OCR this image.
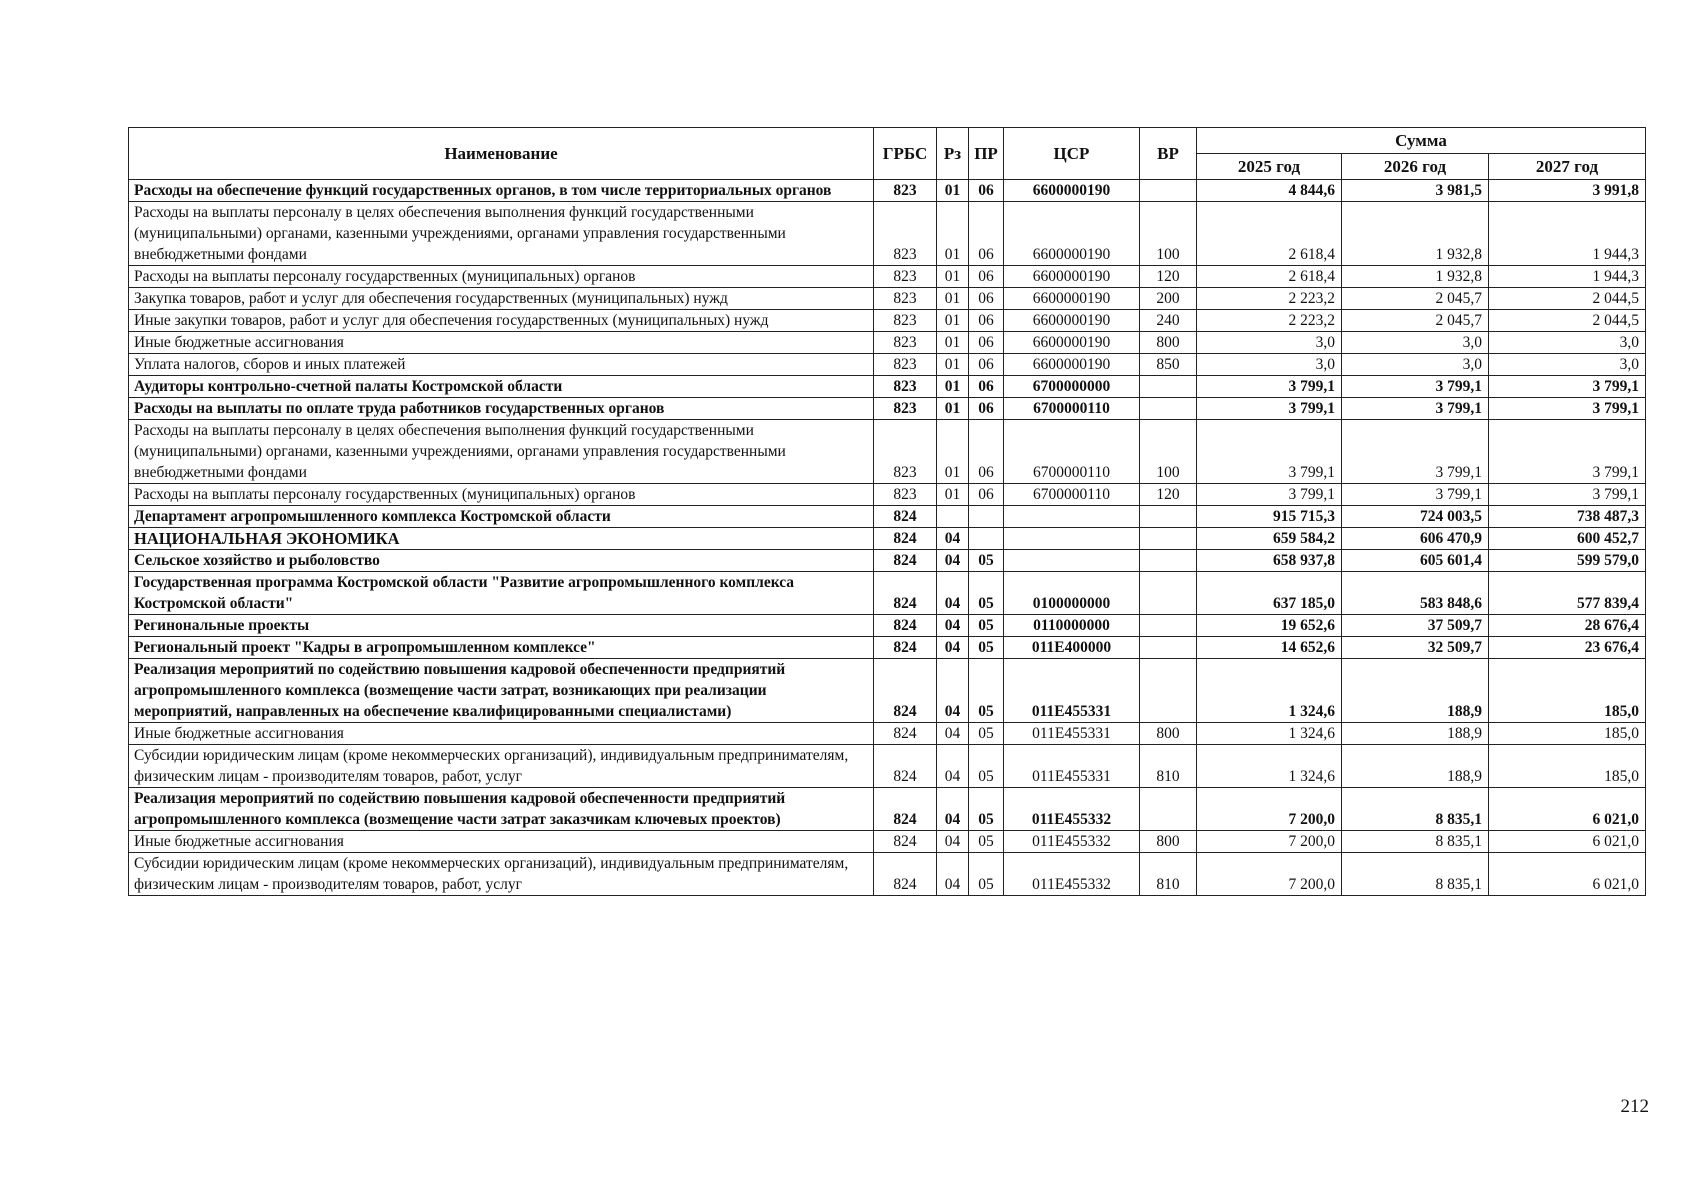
Наименование	ГРБС	Рз	ПР	ЦСР	ВР	Сумма		
						2025 год	2026 год	2027 год
Расходы на обеспечение функций государственных органов, в том числе территориальных органов	823	01	06	6600000190		4 844,6	3 981,5	3 991,8
Расходы на выплаты персоналу в целях обеспечения выполнения функций государственными (муниципальными) органами, казенными учреждениями, органами управления государственными внебюджетными фондами	823	01	06	6600000190	100	2 618,4	1 932,8	1 944,3
Расходы на выплаты персоналу государственных (муниципальных) органов	823	01	06	6600000190	120	2 618,4	1 932,8	1 944,3
Закупка товаров, работ и услуг для обеспечения государственных (муниципальных) нужд	823	01	06	6600000190	200	2 223,2	2 045,7	2 044,5
Иные закупки товаров, работ и услуг для обеспечения государственных (муниципальных) нужд	823	01	06	6600000190	240	2 223,2	2 045,7	2 044,5
Иные бюджетные ассигнования	823	01	06	6600000190	800	3,0	3,0	3,0
Уплата налогов, сборов и иных платежей	823	01	06	6600000190	850	3,0	3,0	3,0
Аудиторы контрольно-счетной палаты Костромской области	823	01	06	6700000000		3 799,1	3 799,1	3 799,1
Расходы на выплаты по оплате труда работников государственных органов	823	01	06	6700000110		3 799,1	3 799,1	3 799,1
Расходы на выплаты персоналу в целях обеспечения выполнения функций государственными (муниципальными) органами, казенными учреждениями, органами управления государственными внебюджетными фондами	823	01	06	6700000110	100	3 799,1	3 799,1	3 799,1
Расходы на выплаты персоналу государственных (муниципальных) органов	823	01	06	6700000110	120	3 799,1	3 799,1	3 799,1
Департамент агропромышленного комплекса Костромской области	824					915 715,3	724 003,5	738 487,3
НАЦИОНАЛЬНАЯ ЭКОНОМИКА	824	04				659 584,2	606 470,9	600 452,7
Сельское хозяйство и рыболовство	824	04	05			658 937,8	605 601,4	599 579,0
Государственная программа Костромской области "Развитие агропромышленного комплекса Костромской области"	824	04	05	0100000000		637 185,0	583 848,6	577 839,4
Регинональные проекты	824	04	05	0110000000		19 652,6	37 509,7	28 676,4
Региональный проект "Кадры в агропромышленном комплексе"	824	04	05	011Е400000		14 652,6	32 509,7	23 676,4
Реализация мероприятий по содействию повышения кадровой обеспеченности предприятий агропромышленного комплекса (возмещение части затрат, возникающих при реализации мероприятий, направленных на обеспечение квалифицированными специалистами)	824	04	05	011Е455331		1 324,6	188,9	185,0
Иные бюджетные ассигнования	824	04	05	011Е455331	800	1 324,6	188,9	185,0
Субсидии юридическим лицам (кроме некоммерческих организаций), индивидуальным предпринимателям, физическим лицам - производителям товаров, работ, услуг	824	04	05	011Е455331	810	1 324,6	188,9	185,0
Реализация мероприятий по содействию повышения кадровой обеспеченности предприятий агропромышленного комплекса (возмещение части затрат заказчикам ключевых проектов)	824	04	05	011Е455332		7 200,0	8 835,1	6 021,0
Иные бюджетные ассигнования	824	04	05	011Е455332	800	7 200,0	8 835,1	6 021,0
Субсидии юридическим лицам (кроме некоммерческих организаций), индивидуальным предпринимателям, физическим лицам - производителям товаров, работ, услуг	824	04	05	011Е455332	810	7 200,0	8 835,1	6 021,0
212
